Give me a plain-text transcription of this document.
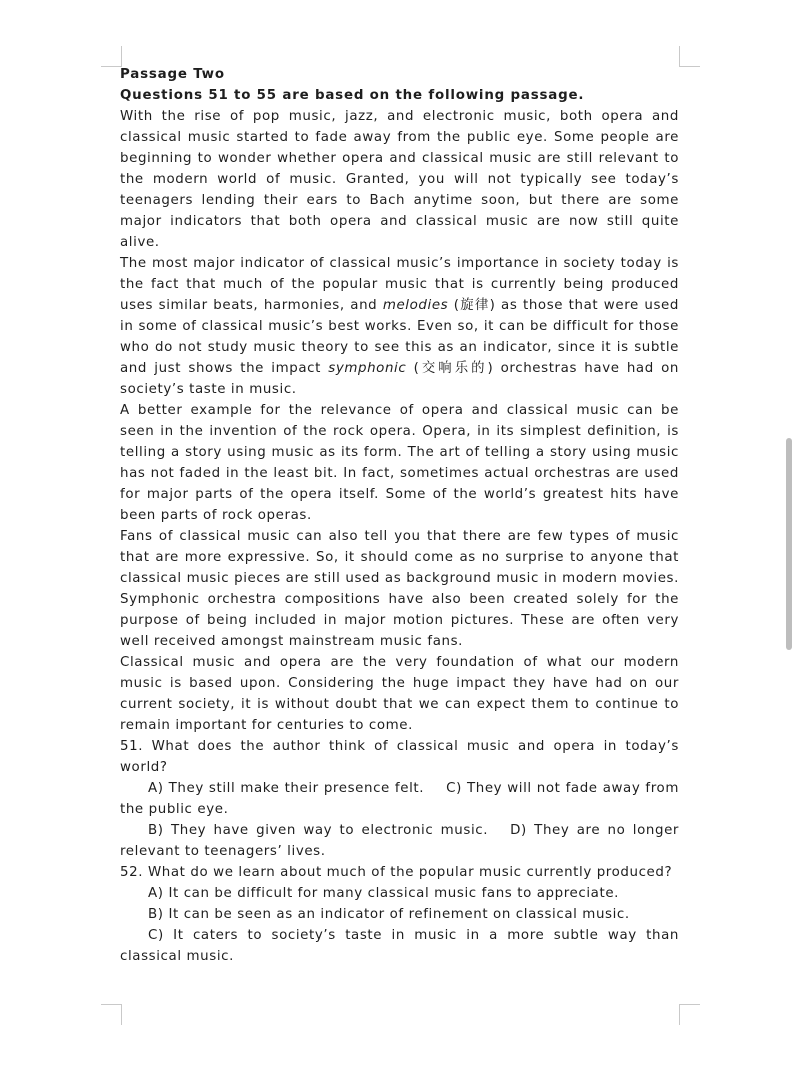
Passage Two

Questions 51 to 55 are based on the following passage.

With the rise of pop music, jazz, and electronic music, both opera and classical music started to fade away from the public eye. Some people are beginning to wonder whether opera and classical music are still relevant to the modern world of music. Granted, you will not typically see today’s teenagers lending their ears to Bach anytime soon, but there are some major indicators that both opera and classical music are now still quite alive.

The most major indicator of classical music’s importance in society today is the fact that much of the popular music that is currently being produced uses similar beats, harmonies, and melodies (旋律) as those that were used in some of classical music’s best works. Even so, it can be difficult for those who do not study music theory to see this as an indicator, since it is subtle and just shows the impact symphonic (交响乐的) orchestras have had on society’s taste in music.

A better example for the relevance of opera and classical music can be seen in the invention of the rock opera. Opera, in its simplest definition, is telling a story using music as its form. The art of telling a story using music has not faded in the least bit. In fact, sometimes actual orchestras are used for major parts of the opera itself. Some of the world’s greatest hits have been parts of rock operas.

Fans of classical music can also tell you that there are few types of music that are more expressive. So, it should come as no surprise to anyone that classical music pieces are still used as background music in modern movies. Symphonic orchestra compositions have also been created solely for the purpose of being included in major motion pictures. These are often very well received amongst mainstream music fans.

Classical music and opera are the very foundation of what our modern music is based upon. Considering the huge impact they have had on our current society, it is without doubt that we can expect them to continue to remain important for centuries to come.

51. What does the author think of classical music and opera in today’s world?

A) They still make their presence felt. C) They will not fade away from the public eye.

B) They have given way to electronic music. D) They are no longer relevant to teenagers’ lives.

52. What do we learn about much of the popular music currently produced?

A) It can be difficult for many classical music fans to appreciate.

B) It can be seen as an indicator of refinement on classical music.

C) It caters to society’s taste in music in a more subtle way than classical music.
